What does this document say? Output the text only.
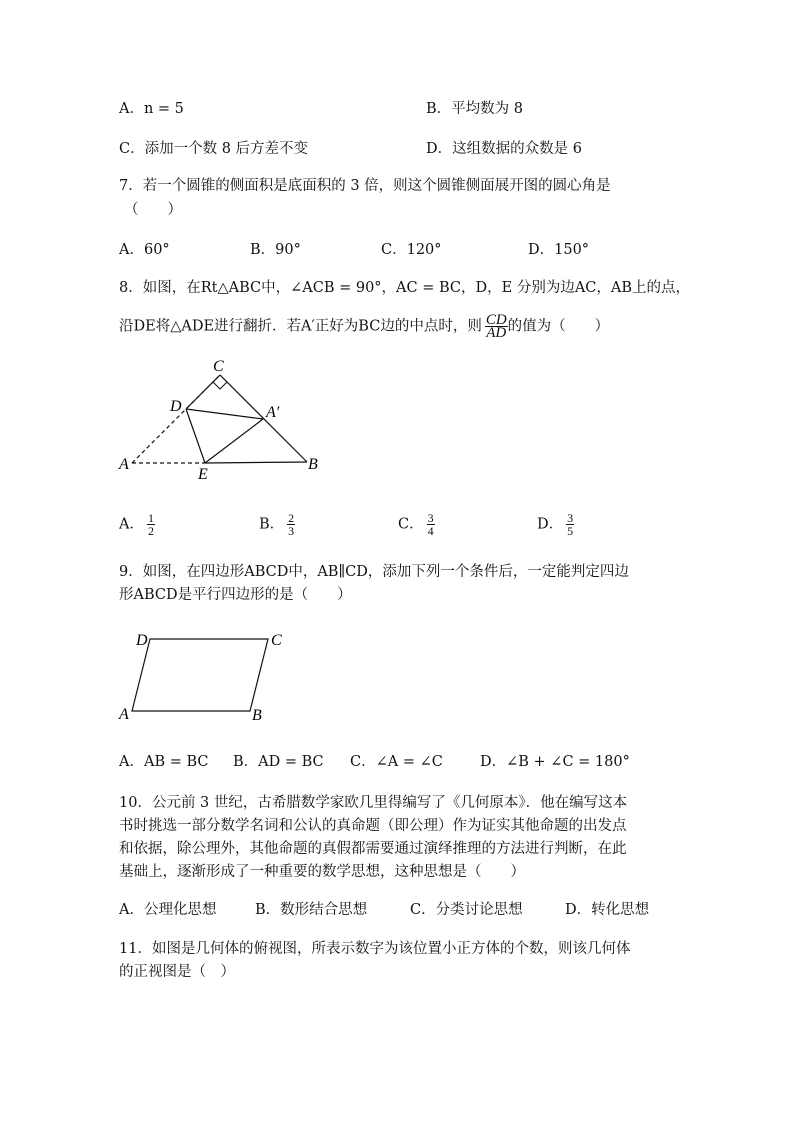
A．n = 5	B．平均数为 8
C．添加一个数 8 后方差不变	D．这组数据的众数是 6
7．若一个圆锥的侧面积是底面积的 3 倍，则这个圆锥侧面展开图的圆心角是
（　　）
A．60°	B．90°	C．120°	D．150°
8．如图，在Rt△ABC中，∠ACB = 90°，AC = BC，D，E 分别为边AC，AB上的点，
沿DE将△ADE进行翻折．若A′正好为BC边的中点时，则 $\frac{CD}{AD}$ 的值为（　　）
C
D	A′
A
E
B
A． $\frac{1}{2}$	B． $\frac{2}{3}$	C． $\frac{3}{4}$	D． $\frac{3}{5}$
9．如图，在四边形ABCD中，AB∥CD，添加下列一个条件后，一定能判定四边
形ABCD是平行四边形的是（　　）
D	C
A	B
A．AB = BC B．AD = BC C．∠A = ∠C	D．∠B + ∠C = 180°
10．公元前 3 世纪，古希腊数学家欧几里得编写了《几何原本》．他在编写这本
书时挑选一部分数学名词和公认的真命题（即公理）作为证实其他命题的出发点
和依据，除公理外，其他命题的真假都需要通过演绎推理的方法进行判断，在此
基础上，逐渐形成了一种重要的数学思想，这种思想是（　　）
A．公理化思想	B．数形结合思想	C．分类讨论思想	D．转化思想
11．如图是几何体的俯视图，所表示数字为该位置小正方体的个数，则该几何体
的正视图是（　）
